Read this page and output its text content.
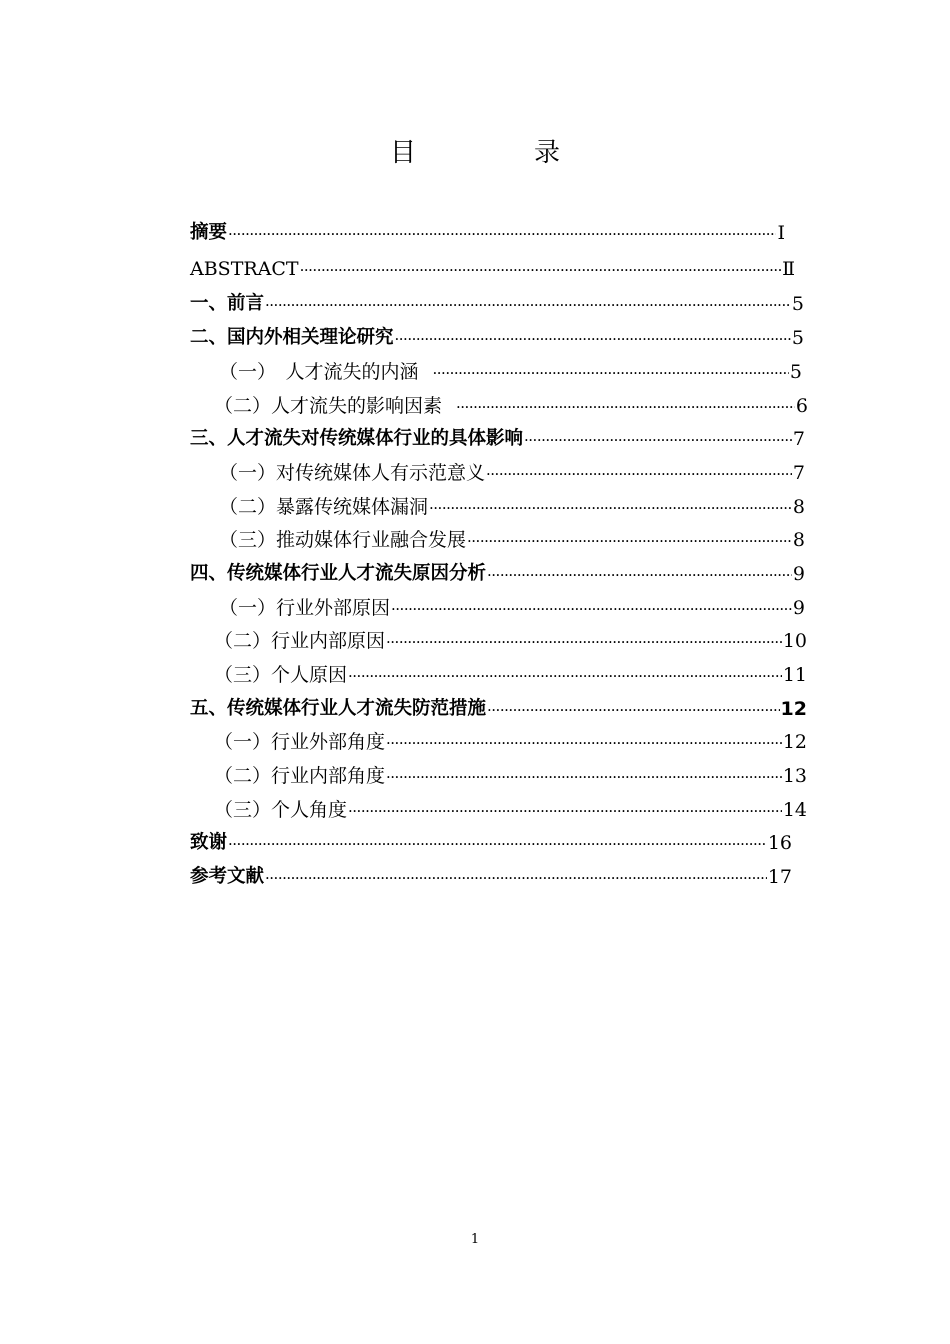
目　录
摘要 ·····	Ⅰ
ABSTRACT ·····	Ⅱ
一、前言 ·····	5
二、国内外相关理论研究 ·····	5
（一）　人才流失的内涵 ·····	5
（二）人才流失的影响因素 ·····	6
三、人才流失对传统媒体行业的具体影响 ·····	7
（一）对传统媒体人有示范意义 ·····	7
（二）暴露传统媒体漏洞 ·····	8
（三）推动媒体行业融合发展 ·····	8
四、传统媒体行业人才流失原因分析 ·····	9
（一）行业外部原因 ·····	9
（二）行业内部原因 ·····	10
（三）个人原因 ·····	11
五、传统媒体行业人才流失防范措施 ·····	12
（一）行业外部角度 ·····	12
（二）行业内部角度 ·····	13
（三）个人角度 ·····	14
致谢 ·····	16
参考文献 ·····	17
1
